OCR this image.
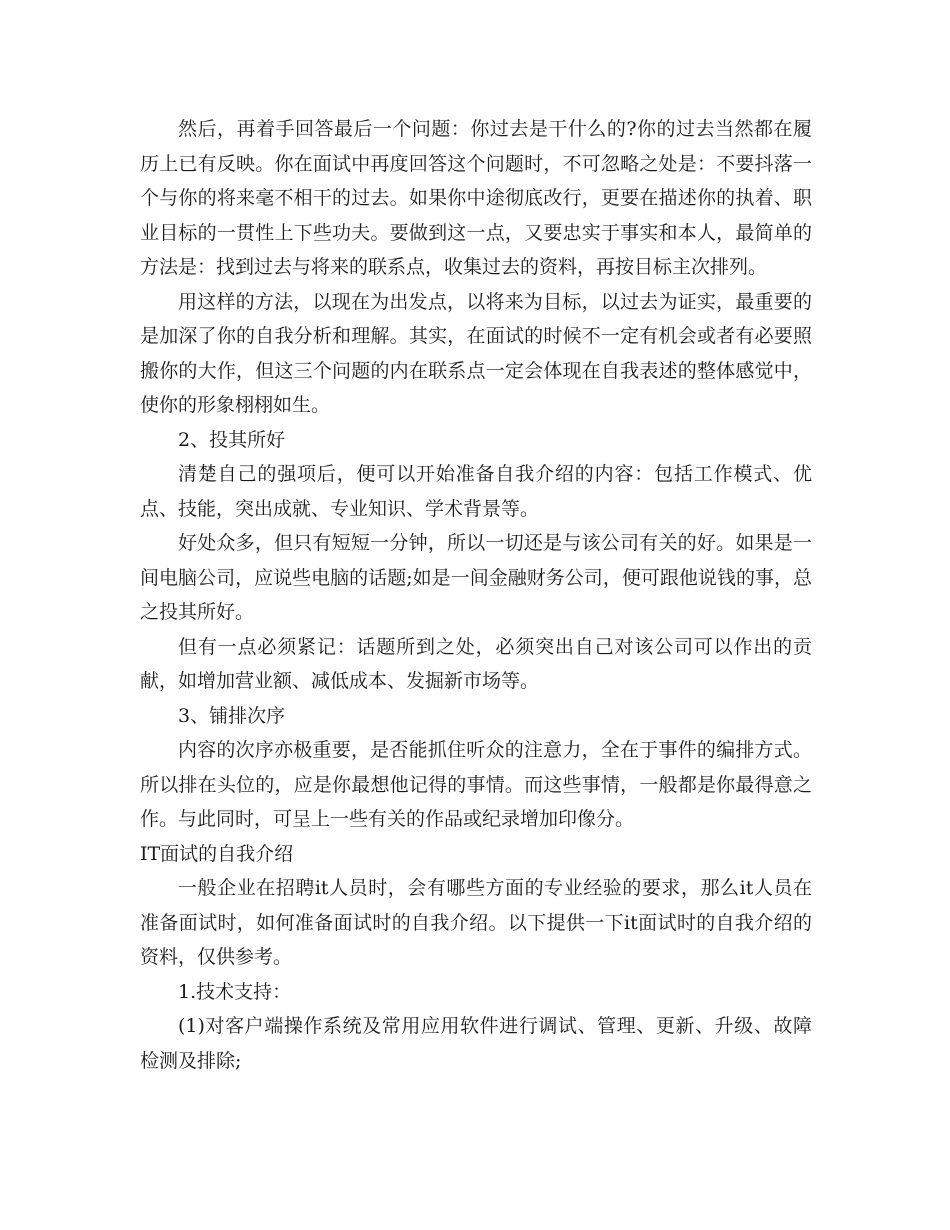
然后，再着手回答最后一个问题：你过去是干什么的?你的过去当然都在履历上已有反映。你在面试中再度回答这个问题时，不可忽略之处是：不要抖落一个与你的将来毫不相干的过去。如果你中途彻底改行，更要在描述你的执着、职业目标的一贯性上下些功夫。要做到这一点，又要忠实于事实和本人，最简单的方法是：找到过去与将来的联系点，收集过去的资料，再按目标主次排列。

用这样的方法，以现在为出发点，以将来为目标，以过去为证实，最重要的是加深了你的自我分析和理解。其实，在面试的时候不一定有机会或者有必要照搬你的大作，但这三个问题的内在联系点一定会体现在自我表述的整体感觉中，使你的形象栩栩如生。

2、投其所好

清楚自己的强项后，便可以开始准备自我介绍的内容：包括工作模式、优点、技能，突出成就、专业知识、学术背景等。

好处众多，但只有短短一分钟，所以一切还是与该公司有关的好。如果是一间电脑公司，应说些电脑的话题;如是一间金融财务公司，便可跟他说钱的事，总之投其所好。

但有一点必须紧记：话题所到之处，必须突出自己对该公司可以作出的贡献，如增加营业额、减低成本、发掘新市场等。

3、铺排次序

内容的次序亦极重要，是否能抓住听众的注意力，全在于事件的编排方式。所以排在头位的，应是你最想他记得的事情。而这些事情，一般都是你最得意之作。与此同时，可呈上一些有关的作品或纪录增加印像分。

IT面试的自我介绍

一般企业在招聘it人员时，会有哪些方面的专业经验的要求，那么it人员在准备面试时，如何准备面试时的自我介绍。以下提供一下it面试时的自我介绍的资料，仅供参考。

1.技术支持：

(1)对客户端操作系统及常用应用软件进行调试、管理、更新、升级、故障检测及排除;
